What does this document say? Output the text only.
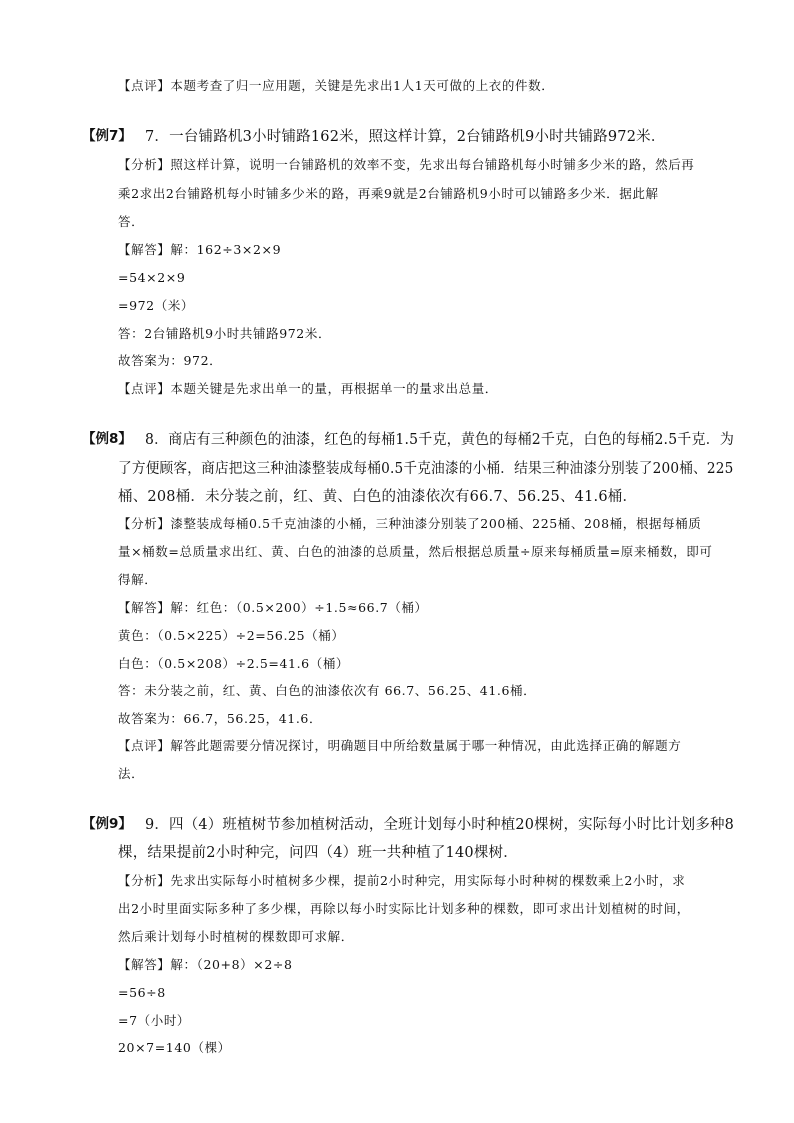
【点评】本题考查了归一应用题，关键是先求出1人1天可做的上衣的件数．
【例7】 7．一台铺路机3小时铺路162米，照这样计算，2台铺路机9小时共铺路972米．
【分析】照这样计算，说明一台铺路机的效率不变，先求出每台铺路机每小时铺多少米的路，然后再
乘2求出2台铺路机每小时铺多少米的路，再乘9就是2台铺路机9小时可以铺路多少米．据此解
答．
【解答】解：162÷3×2×9
=54×2×9
=972（米）
答：2台铺路机9小时共铺路972米．
故答案为：972．
【点评】本题关键是先求出单一的量，再根据单一的量求出总量．
【例8】 8．商店有三种颜色的油漆，红色的每桶1.5千克，黄色的每桶2千克，白色的每桶2.5千克．为
了方便顾客，商店把这三种油漆整装成每桶0.5千克油漆的小桶．结果三种油漆分别装了200桶、225
桶、208桶．未分装之前，红、黄、白色的油漆依次有66.7、56.25、41.6桶．
【分析】漆整装成每桶0.5千克油漆的小桶，三种油漆分别装了200桶、225桶、208桶，根据每桶质
量×桶数=总质量求出红、黄、白色的油漆的总质量，然后根据总质量÷原来每桶质量=原来桶数，即可
得解．
【解答】解：红色：（0.5×200）÷1.5≈66.7（桶）
黄色：（0.5×225）÷2=56.25（桶）
白色：（0.5×208）÷2.5=41.6（桶）
答：未分装之前，红、黄、白色的油漆依次有 66.7、56.25、41.6桶．
故答案为：66.7，56.25，41.6．
【点评】解答此题需要分情况探讨，明确题目中所给数量属于哪一种情况，由此选择正确的解题方
法．
【例9】 9．四（4）班植树节参加植树活动，全班计划每小时种植20棵树，实际每小时比计划多种8
棵，结果提前2小时种完，问四（4）班一共种植了140棵树．
【分析】先求出实际每小时植树多少棵，提前2小时种完，用实际每小时种树的棵数乘上2小时，求
出2小时里面实际多种了多少棵，再除以每小时实际比计划多种的棵数，即可求出计划植树的时间，
然后乘计划每小时植树的棵数即可求解．
【解答】解：（20+8）×2÷8
=56÷8
=7（小时）
20×7=140（棵）
